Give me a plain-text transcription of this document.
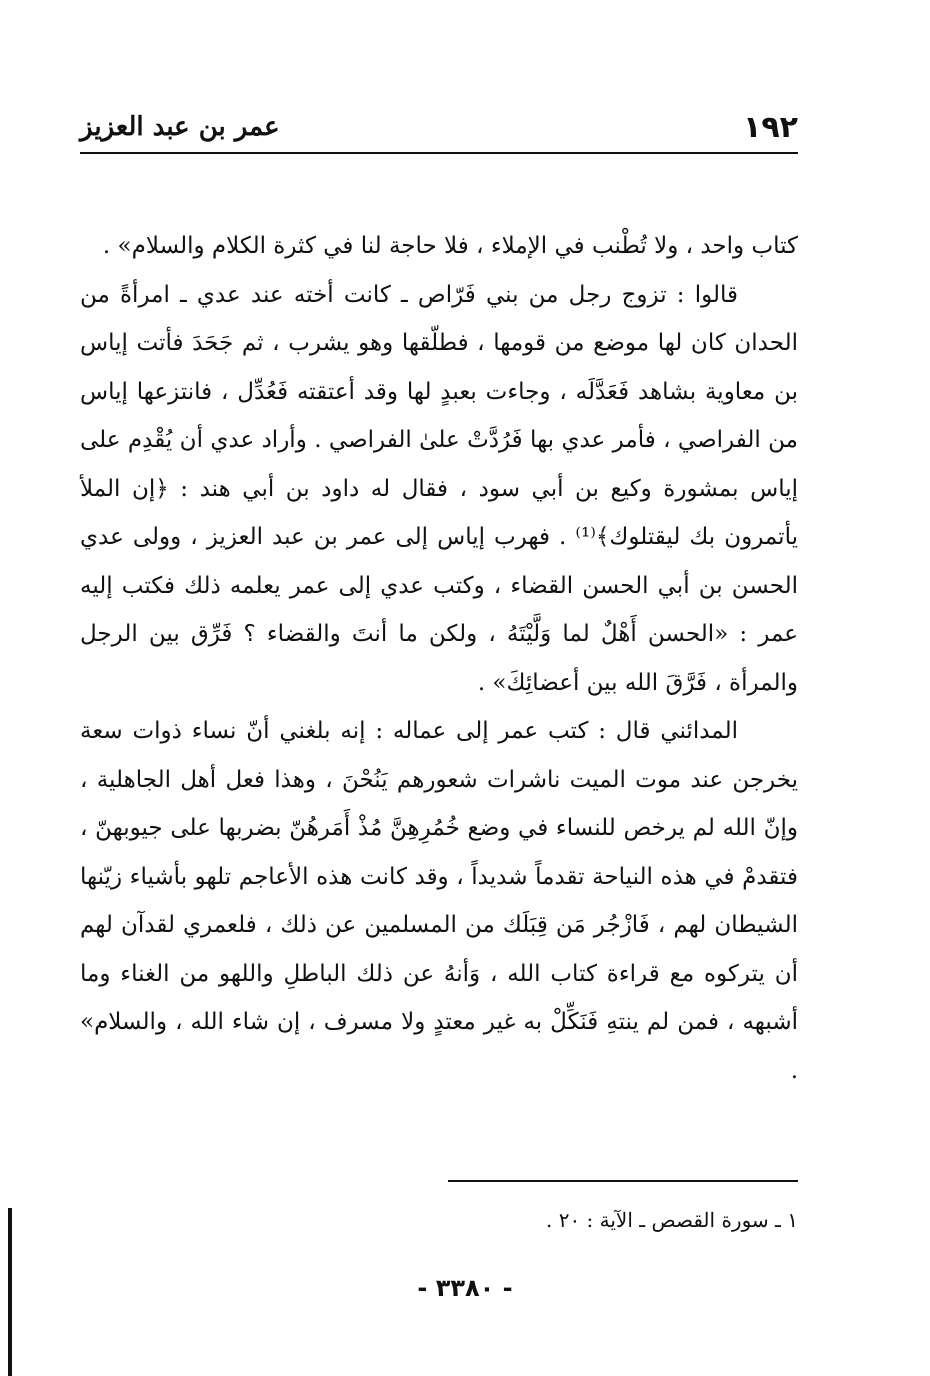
١٩٢
عمر بن عبد العزيز

كتاب واحد ، ولا تُطْنب في الإملاء ، فلا حاجة لنا في كثرة الكلام والسلام» .

قالوا : تزوج رجل من بني فَرّاص ـ كانت أخته عند عدي ـ امرأةً من الحدان كان لها موضع من قومها ، فطلّقها وهو يشرب ، ثم جَحَدَ فأتت إياس بن معاوية بشاهد فَعَدَّلَه ، وجاءت بعبدٍ لها وقد أعتقته فَعُدِّل ، فانتزعها إياس من الفراصي ، فأمر عدي بها فَرُدَّتْ علىٰ الفراصي . وأراد عدي أن يُقْدِم على إياس بمشورة وكيع بن أبي سود ، فقال له داود بن أبي هند : ﴿إن الملأ يأتمرون بك ليقتلوك﴾⁽¹⁾ . فهرب إياس إلى عمر بن عبد العزيز ، وولى عدي الحسن بن أبي الحسن القضاء ، وكتب عدي إلى عمر يعلمه ذلك فكتب إليه عمر : «الحسن أَهْلٌ لما وَلَّيْتَهُ ، ولكن ما أنتَ والقضاء ؟ فَرِّق بين الرجل والمرأة ، فَرَّقَ الله بين أعضائِكَ» .

المدائني قال : كتب عمر إلى عماله : إنه بلغني أنّ نساء ذوات سعة يخرجن عند موت الميت ناشرات شعورهم يَنُحْنَ ، وهذا فعل أهل الجاهلية ، وإنّ الله لم يرخص للنساء في وضع خُمُرِهِنَّ مُذْ أَمَرهُنّ بضربها على جيوبهنّ ، فتقدمْ في هذه النياحة تقدماً شديداً ، وقد كانت هذه الأعاجم تلهو بأشياء زيّنها الشيطان لهم ، فَازْجُر مَن قِبَلَك من المسلمين عن ذلك ، فلعمري لقدآن لهم أن يتركوه مع قراءة كتاب الله ، وَأنهُ عن ذلك الباطلِ واللهو من الغناء وما أشبهه ، فمن لم ينتهِ فَنَكِّلْ به غير معتدٍ ولا مسرف ، إن شاء الله ، والسلام» .

١ ـ سورة القصص ـ الآية : ٢٠ .
- ٣٣٨٠ -
